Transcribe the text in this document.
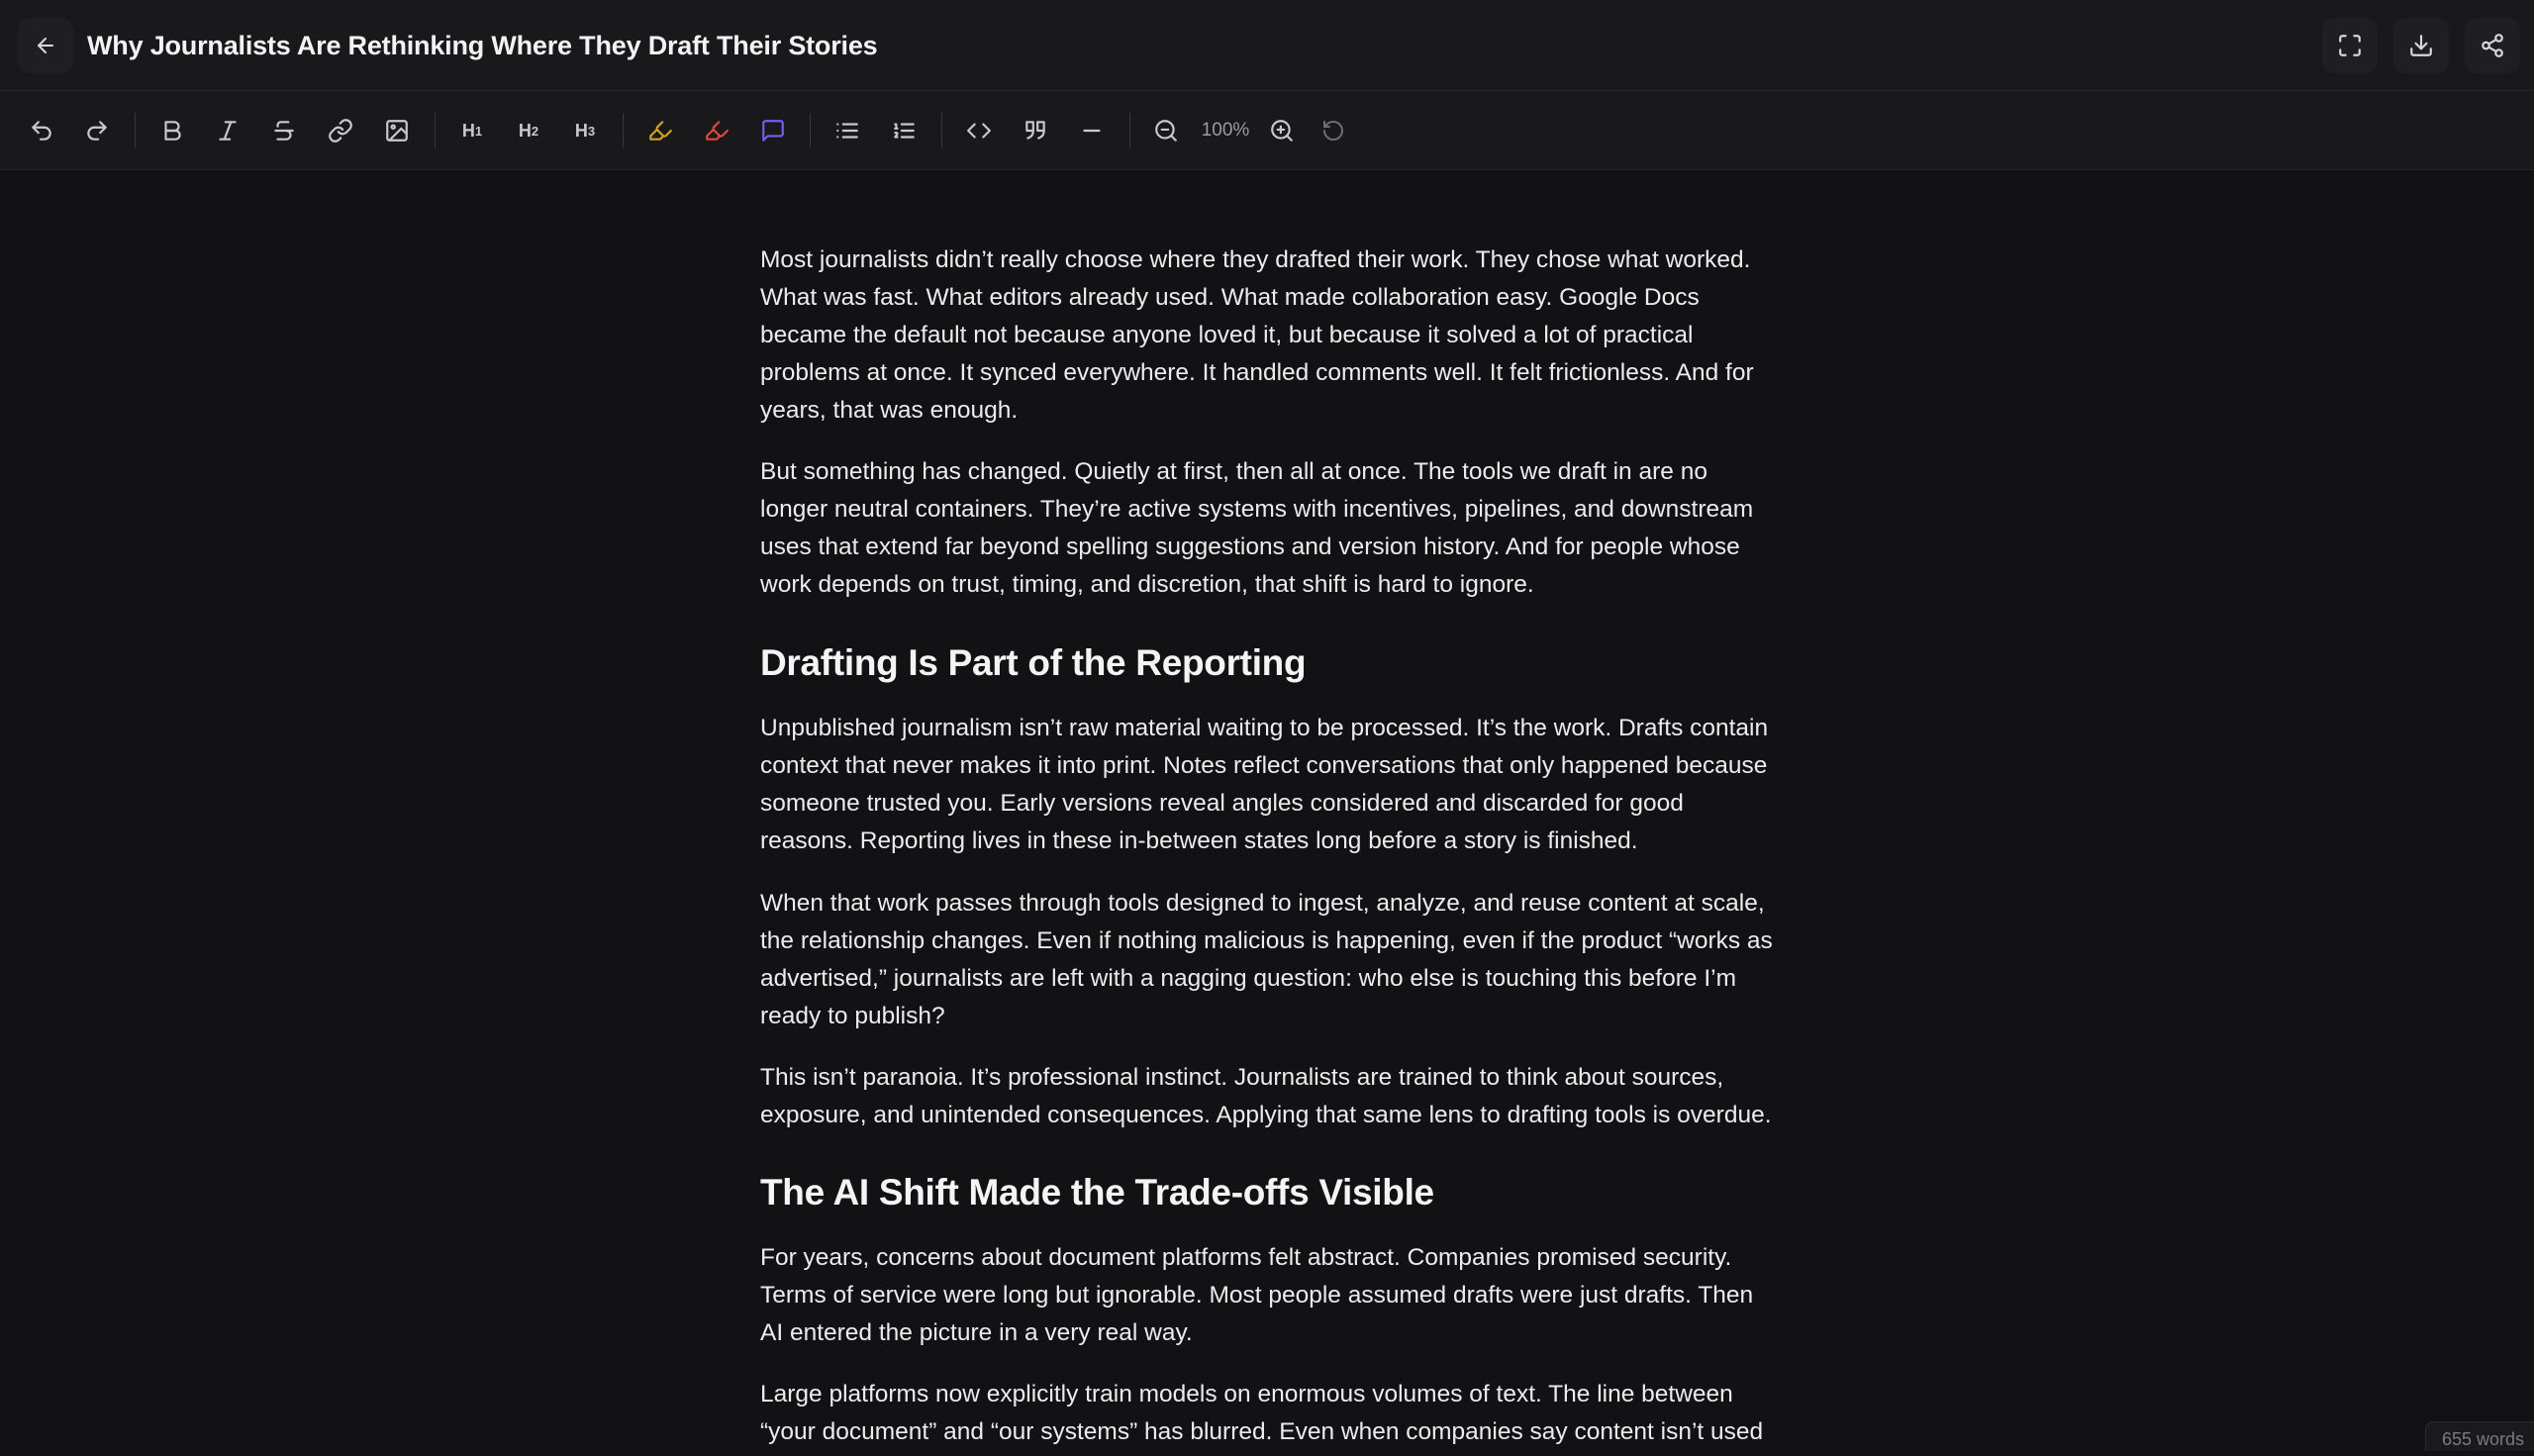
Why Journalists Are Rethinking Where They Draft Their Stories
H 1 H 2 H 3	100%

Most journalists didn’t really choose where they drafted their work. They chose what worked. What was fast. What editors already used. What made collaboration easy. Google Docs became the default not because anyone loved it, but because it solved a lot of practical problems at once. It synced everywhere. It handled comments well. It felt frictionless. And for years, that was enough.

But something has changed. Quietly at first, then all at once. The tools we draft in are no longer neutral containers. They’re active systems with incentives, pipelines, and downstream uses that extend far beyond spelling suggestions and version history. And for people whose work depends on trust, timing, and discretion, that shift is hard to ignore.

Drafting Is Part of the Reporting

Unpublished journalism isn’t raw material waiting to be processed. It’s the work. Drafts contain context that never makes it into print. Notes reflect conversations that only happened because someone trusted you. Early versions reveal angles considered and discarded for good reasons. Reporting lives in these in-between states long before a story is finished.

When that work passes through tools designed to ingest, analyze, and reuse content at scale, the relationship changes. Even if nothing malicious is happening, even if the product “works as advertised,” journalists are left with a nagging question: who else is touching this before I’m ready to publish?

This isn’t paranoia. It’s professional instinct. Journalists are trained to think about sources, exposure, and unintended consequences. Applying that same lens to drafting tools is overdue.

The AI Shift Made the Trade-offs Visible

For years, concerns about document platforms felt abstract. Companies promised security. Terms of service were long but ignorable. Most people assumed drafts were just drafts. Then AI entered the picture in a very real way.

Large platforms now explicitly train models on enormous volumes of text. The line between “your document” and “our systems” has blurred. Even when companies say content isn’t used	655 words
